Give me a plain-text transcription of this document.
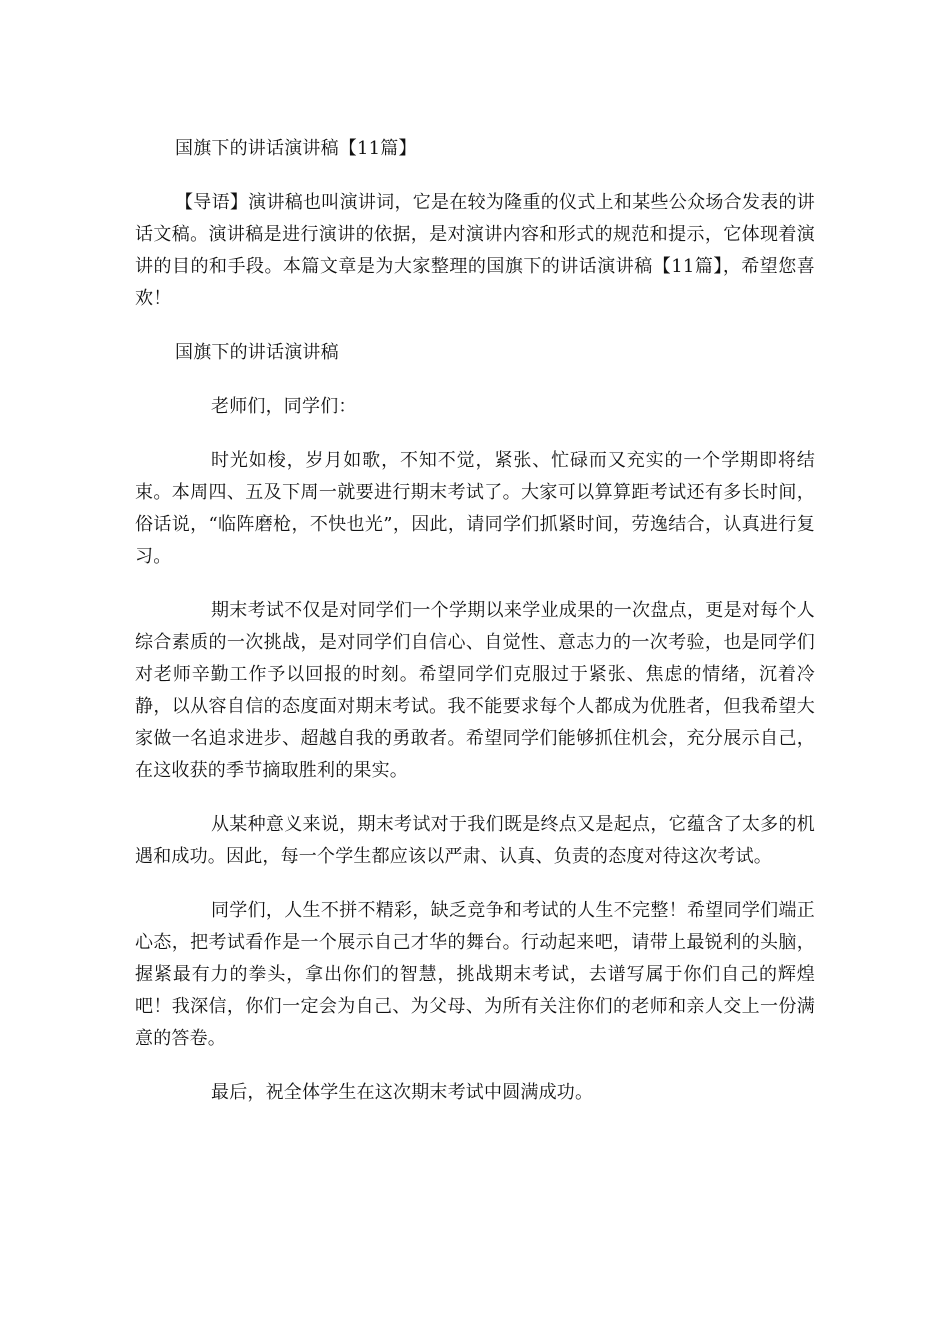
国旗下的讲话演讲稿【11篇】

【导语】演讲稿也叫演讲词，它是在较为隆重的仪式上和某些公众场合发表的讲话文稿。演讲稿是进行演讲的依据，是对演讲内容和形式的规范和提示，它体现着演讲的目的和手段。本篇文章是为大家整理的国旗下的讲话演讲稿【11篇】，希望您喜欢！

国旗下的讲话演讲稿

老师们，同学们：

时光如梭，岁月如歌，不知不觉，紧张、忙碌而又充实的一个学期即将结束。本周四、五及下周一就要进行期末考试了。大家可以算算距考试还有多长时间，俗话说，“临阵磨枪，不快也光”，因此，请同学们抓紧时间，劳逸结合，认真进行复习。

期末考试不仅是对同学们一个学期以来学业成果的一次盘点，更是对每个人综合素质的一次挑战，是对同学们自信心、自觉性、意志力的一次考验，也是同学们对老师辛勤工作予以回报的时刻。希望同学们克服过于紧张、焦虑的情绪，沉着冷静，以从容自信的态度面对期末考试。我不能要求每个人都成为优胜者，但我希望大家做一名追求进步、超越自我的勇敢者。希望同学们能够抓住机会，充分展示自己，在这收获的季节摘取胜利的果实。

从某种意义来说，期末考试对于我们既是终点又是起点，它蕴含了太多的机遇和成功。因此，每一个学生都应该以严肃、认真、负责的态度对待这次考试。

同学们，人生不拼不精彩，缺乏竞争和考试的人生不完整！希望同学们端正心态，把考试看作是一个展示自己才华的舞台。行动起来吧，请带上最锐利的头脑，握紧最有力的拳头，拿出你们的智慧，挑战期末考试，去谱写属于你们自己的辉煌吧！我深信，你们一定会为自己、为父母、为所有关注你们的老师和亲人交上一份满意的答卷。

最后，祝全体学生在这次期末考试中圆满成功。
